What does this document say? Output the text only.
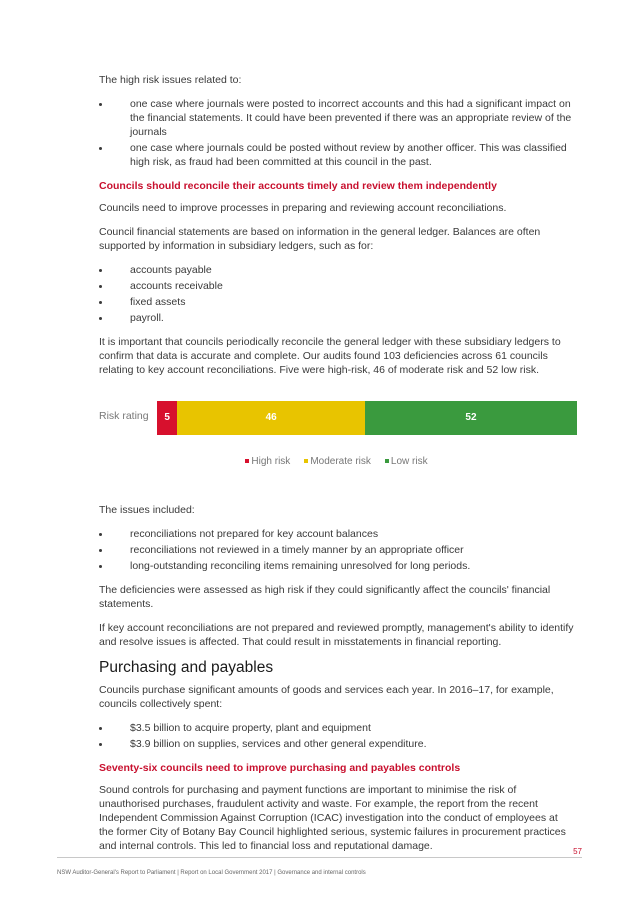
The high risk issues related to:

one case where journals were posted to incorrect accounts and this had a significant impact on the financial statements. It could have been prevented if there was an appropriate review of the journals
one case where journals could be posted without review by another officer. This was classified high risk, as fraud had been committed at this council in the past.
Councils should reconcile their accounts timely and review them independently

Councils need to improve processes in preparing and reviewing account reconciliations.

Council financial statements are based on information in the general ledger. Balances are often supported by information in subsidiary ledgers, such as for:

accounts payable
accounts receivable
fixed assets
payroll.

It is important that councils periodically reconcile the general ledger with these subsidiary ledgers to confirm that data is accurate and complete. Our audits found 103 deficiencies across 61 councils relating to key account reconciliations. Five were high-risk, 46 of moderate risk and 52 low risk.

Risk rating 5	46	52
High risk Moderate risk Low risk

The issues included:

reconciliations not prepared for key account balances
reconciliations not reviewed in a timely manner by an appropriate officer
long-outstanding reconciling items remaining unresolved for long periods.

The deficiencies were assessed as high risk if they could significantly affect the councils' financial statements.

If key account reconciliations are not prepared and reviewed promptly, management's ability to identify and resolve issues is affected. That could result in misstatements in financial reporting.

Purchasing and payables

Councils purchase significant amounts of goods and services each year. In 2016–17, for example, councils collectively spent:

$3.5 billion to acquire property, plant and equipment
$3.9 billion on supplies, services and other general expenditure.
Seventy-six councils need to improve purchasing and payables controls

Sound controls for purchasing and payment functions are important to minimise the risk of unauthorised purchases, fraudulent activity and waste. For example, the report from the recent Independent Commission Against Corruption (ICAC) investigation into the conduct of employees at the former City of Botany Bay Council highlighted serious, systemic failures in procurement practices and internal controls. This led to financial loss and reputational damage.	57
NSW Auditor-General's Report to Parliament | Report on Local Government 2017 | Governance and internal controls
